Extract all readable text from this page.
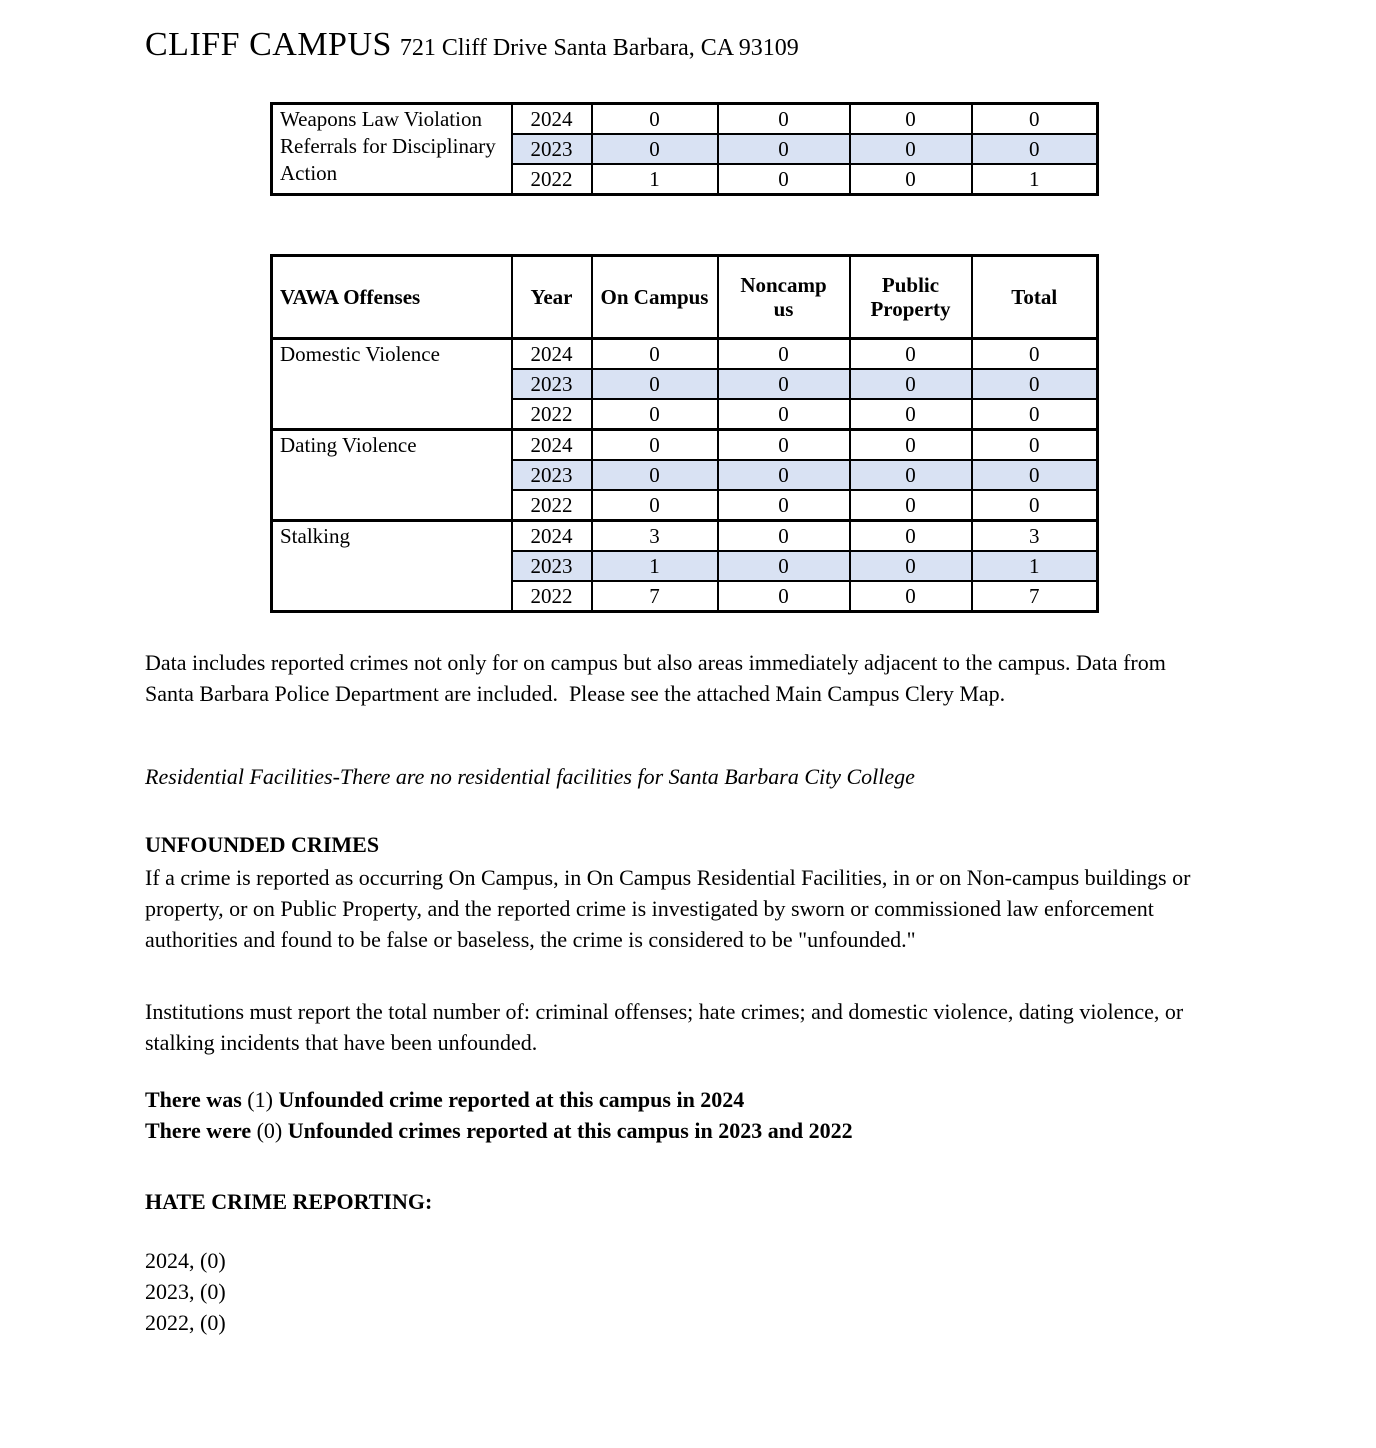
CLIFF CAMPUS 721 Cliff Drive Santa Barbara, CA 93109
Weapons Law Violation Referrals for Disciplinary Action	2024	0	0	0	0
	2023	0	0	0	0
	2022	1	0	0	1
VAWA Offenses	Year	On Campus	Noncampus	Public Property	Total
Domestic Violence	2024	0	0	0	0
	2023	0	0	0	0
	2022	0	0	0	0
Dating Violence	2024	0	0	0	0
	2023	0	0	0	0
	2022	0	0	0	0
Stalking	2024	3	0	0	3
	2023	1	0	0	1
	2022	7	0	0	7

Data includes reported crimes not only for on campus but also areas immediately adjacent to the campus. Data from Santa Barbara Police Department are included.  Please see the attached Main Campus Clery Map.

Residential Facilities-There are no residential facilities for Santa Barbara City College

UNFOUNDED CRIMES

If a crime is reported as occurring On Campus, in On Campus Residential Facilities, in or on Non-campus buildings or property, or on Public Property, and the reported crime is investigated by sworn or commissioned law enforcement authorities and found to be false or baseless, the crime is considered to be "unfounded."

Institutions must report the total number of: criminal offenses; hate crimes; and domestic violence, dating violence, or stalking incidents that have been unfounded.

There was (1) Unfounded crime reported at this campus in 2024

There were (0) Unfounded crimes reported at this campus in 2023 and 2022

HATE CRIME REPORTING:

2024, (0)

2023, (0)

2022, (0)
